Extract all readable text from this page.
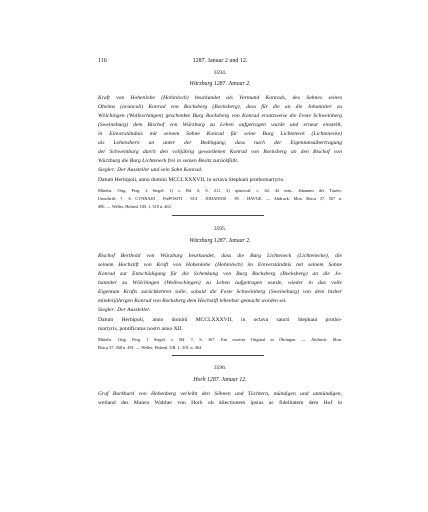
116	1287. Januar 2 und 12.

3594.

Würzburg 1287. Januar 2.

Kraft von Hohenlohe (Hohinloch) beurkundet als Vormund Konrads, des Sohnes seines

Oheims (avunculi) Konrad von Bocksberg (Bocksberg), dass für die an die Johanniter zu

Wölchingen (Wolleschingen) geschenkte Burg Bocksberg von Konrad ersatzweise die Feste Schweinberg

(Sweineburg) dem Bischof von Würzburg zu Lehen aufgetragen wurde und erneut einstellt,

in Einverständnis mit seinem Sohne Konrad für seine Burg Lichteneck (Lichtenecke)

als Lehenshern an unter der Bedingung, dass nach der Eigentumsübertragung

der Schweinburg durch den volljährig gewordenen Konrad von Bocksberg an den Bischof von

Würzburg die Burg Lichteneck frei in seinen Besitz zurückfällt.

Siegler: Der Aussteller und sein Sohn Konrad.

Datum Herbipoli, anno domini MCCLXXXVII, in octava Stephani prothomartyris.

Mittelst. Orig. Perg. 2 Siegel: 1) s. Bd. 6, S. 211. 2) spitzoval, c. 62, 42 mm., Johannes der Täufer;

Umschrift: † S. CVNRADI . PrePOSITI . SCI . JOHANNIS . IN . HAVGE. — Abdruck: Mon. Boica 37, 567 n.

490. — Weller, Hohenl. UB. 1, 318 n. 463.

3595.

Würzburg 1287. Januar 2.

Bischof Berthold von Würzburg beurkundet, dass die Burg Lichteneck (Lichtenecke), die

seinem Hochstift von Kraft von Hohenlohe (Hohinloch) im Einverständnis mit seinem Sohne

Konrad zur Entschädigung für die Schenkung von Burg Bocksberg (Bocksberg) an die Jo-

hanniter zu Wölchingen (Wolleschingen) zu Lehen aufgetragen wurde, wieder in das volle

Eigentum Krafts zurückkehren solle, sobald die Feste Schweinberg (Sweineburg) von dem bisher

minderjährigen Konrad von Bocksberg dem Hochstift lehenbar gemacht worden sei.

Siegler: Der Aussteller.

Datum Herbipoli, anno domini MCCLXXXVII, in octava sancti Stephani protho-

martyris, pontificatus nostri anno XII.

Mittelst. Orig. Perg. 1 Siegel, s. Bd. 7, S. 367. Ein zweites Original in Öhringen. — Abdruck: Mon.

Boica 37, 568 n. 491. — Weller, Hohenl. UB. 1, 319, n. 464.

3596.

Horb 1287. Januar 12.

Graf Burkhard von Hohenberg verleiht den Söhnen und Töchtern, mündigen und unmündigen,

weiland des Maiers Walther von Horb ob dilectionem ipsius ac fidelitatem dem Hof in
